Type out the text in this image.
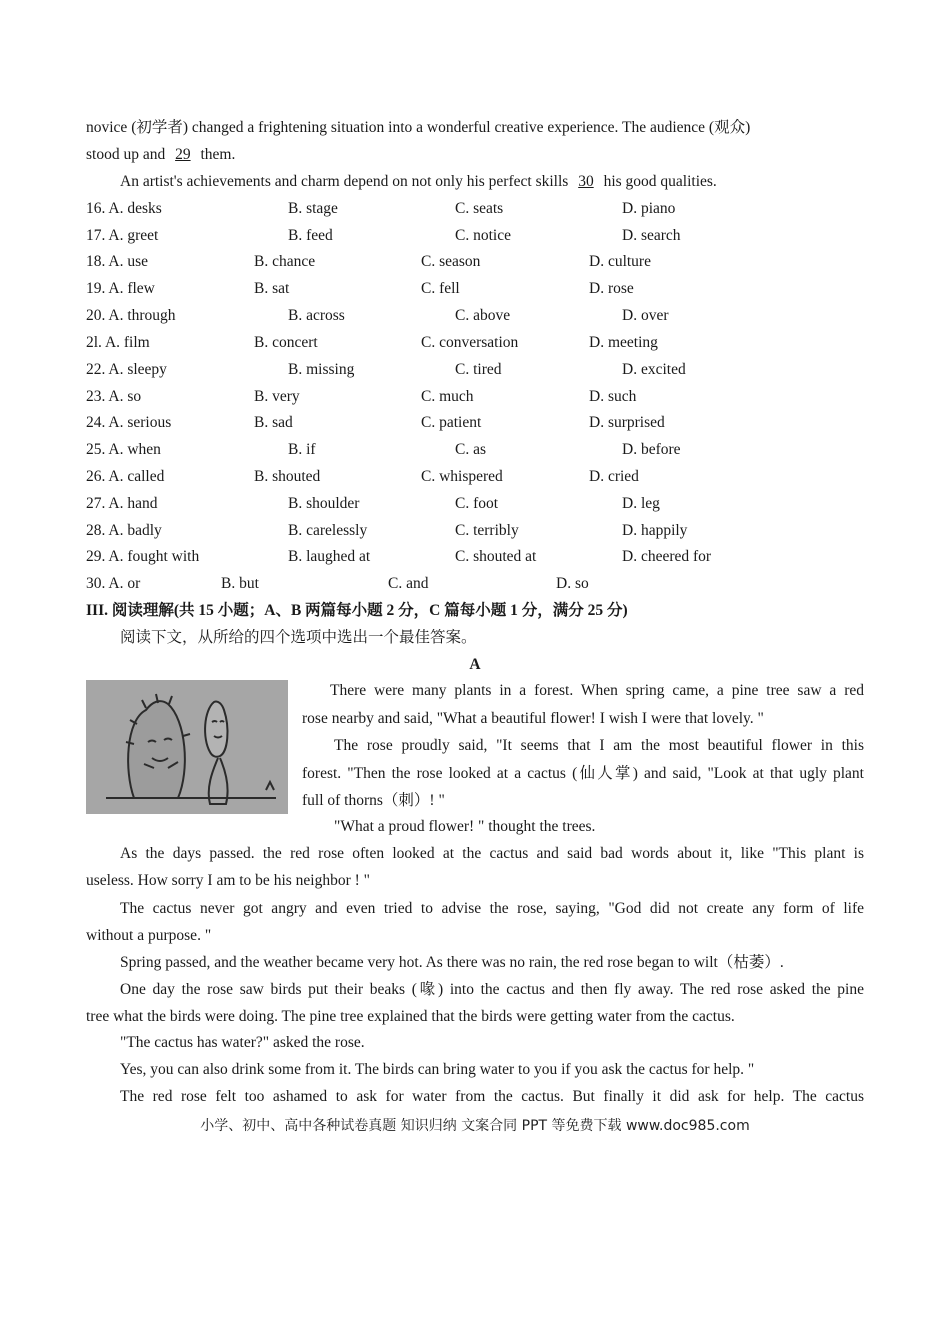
novice (初学者) changed a frightening situation into a wonderful creative experience. The audience (观众)
stood up and 29 them.
An artist's achievements and charm depend on not only his perfect skills 30 his good qualities.
16. A. desks	B. stage	C. seats	D. piano
17. A. greet	B. feed	C. notice	D. search
18. A. use	B. chance	C. season	D. culture
19. A. flew	B. sat	C. fell	D. rose
20. A. through	B. across	C. above	D. over
2l. A. film	B. concert	C. conversation	D. meeting
22. A. sleepy	B. missing	C. tired	D. excited
23. A. so	B. very	C. much	D. such
24. A. serious	B. sad	C. patient	D. surprised
25. A. when	B. if	C. as	D. before
26. A. called	B. shouted	C. whispered	D. cried
27. A. hand	B. shoulder	C. foot	D. leg
28. A. badly	B. carelessly	C. terribly	D. happily
29. A. fought with	B. laughed at	C. shouted at	D. cheered for
30. A. or	B. but	C. and	D. so
III. 阅读理解(共 15 小题；A、B 两篇每小题 2 分，C 篇每小题 1 分，满分 25 分)
阅读下文，从所给的四个选项中选出一个最佳答案。
A
There were many plants in a forest. When spring came, a pine tree saw a red
rose nearby and said, "What a beautiful flower! I wish I were that lovely. "
The rose proudly said, "It seems that I am the most beautiful flower in this
forest. "Then the rose looked at a cactus (仙人掌) and said, "Look at that ugly plant
full of thorns（刺）! "
"What a proud flower! " thought the trees.
As the days passed. the red rose often looked at the cactus and said bad words about it, like "This plant is
useless. How sorry I am to be his neighbor ! "
The cactus never got angry and even tried to advise the rose, saying, "God did not create any form of life
without a purpose. "
Spring passed, and the weather became very hot. As there was no rain, the red rose began to wilt（枯萎）.
One day the rose saw birds put their beaks (喙) into the cactus and then fly away. The red rose asked the pine
tree what the birds were doing. The pine tree explained that the birds were getting water from the cactus.
"The cactus has water?" asked the rose.
Yes, you can also drink some from it. The birds can bring water to you if you ask the cactus for help. "
The red rose felt too ashamed to ask for water from the cactus. But finally it did ask for help. The cactus
小学、初中、高中各种试卷真题 知识归纳 文案合同 PPT 等免费下载 www.doc985.com
